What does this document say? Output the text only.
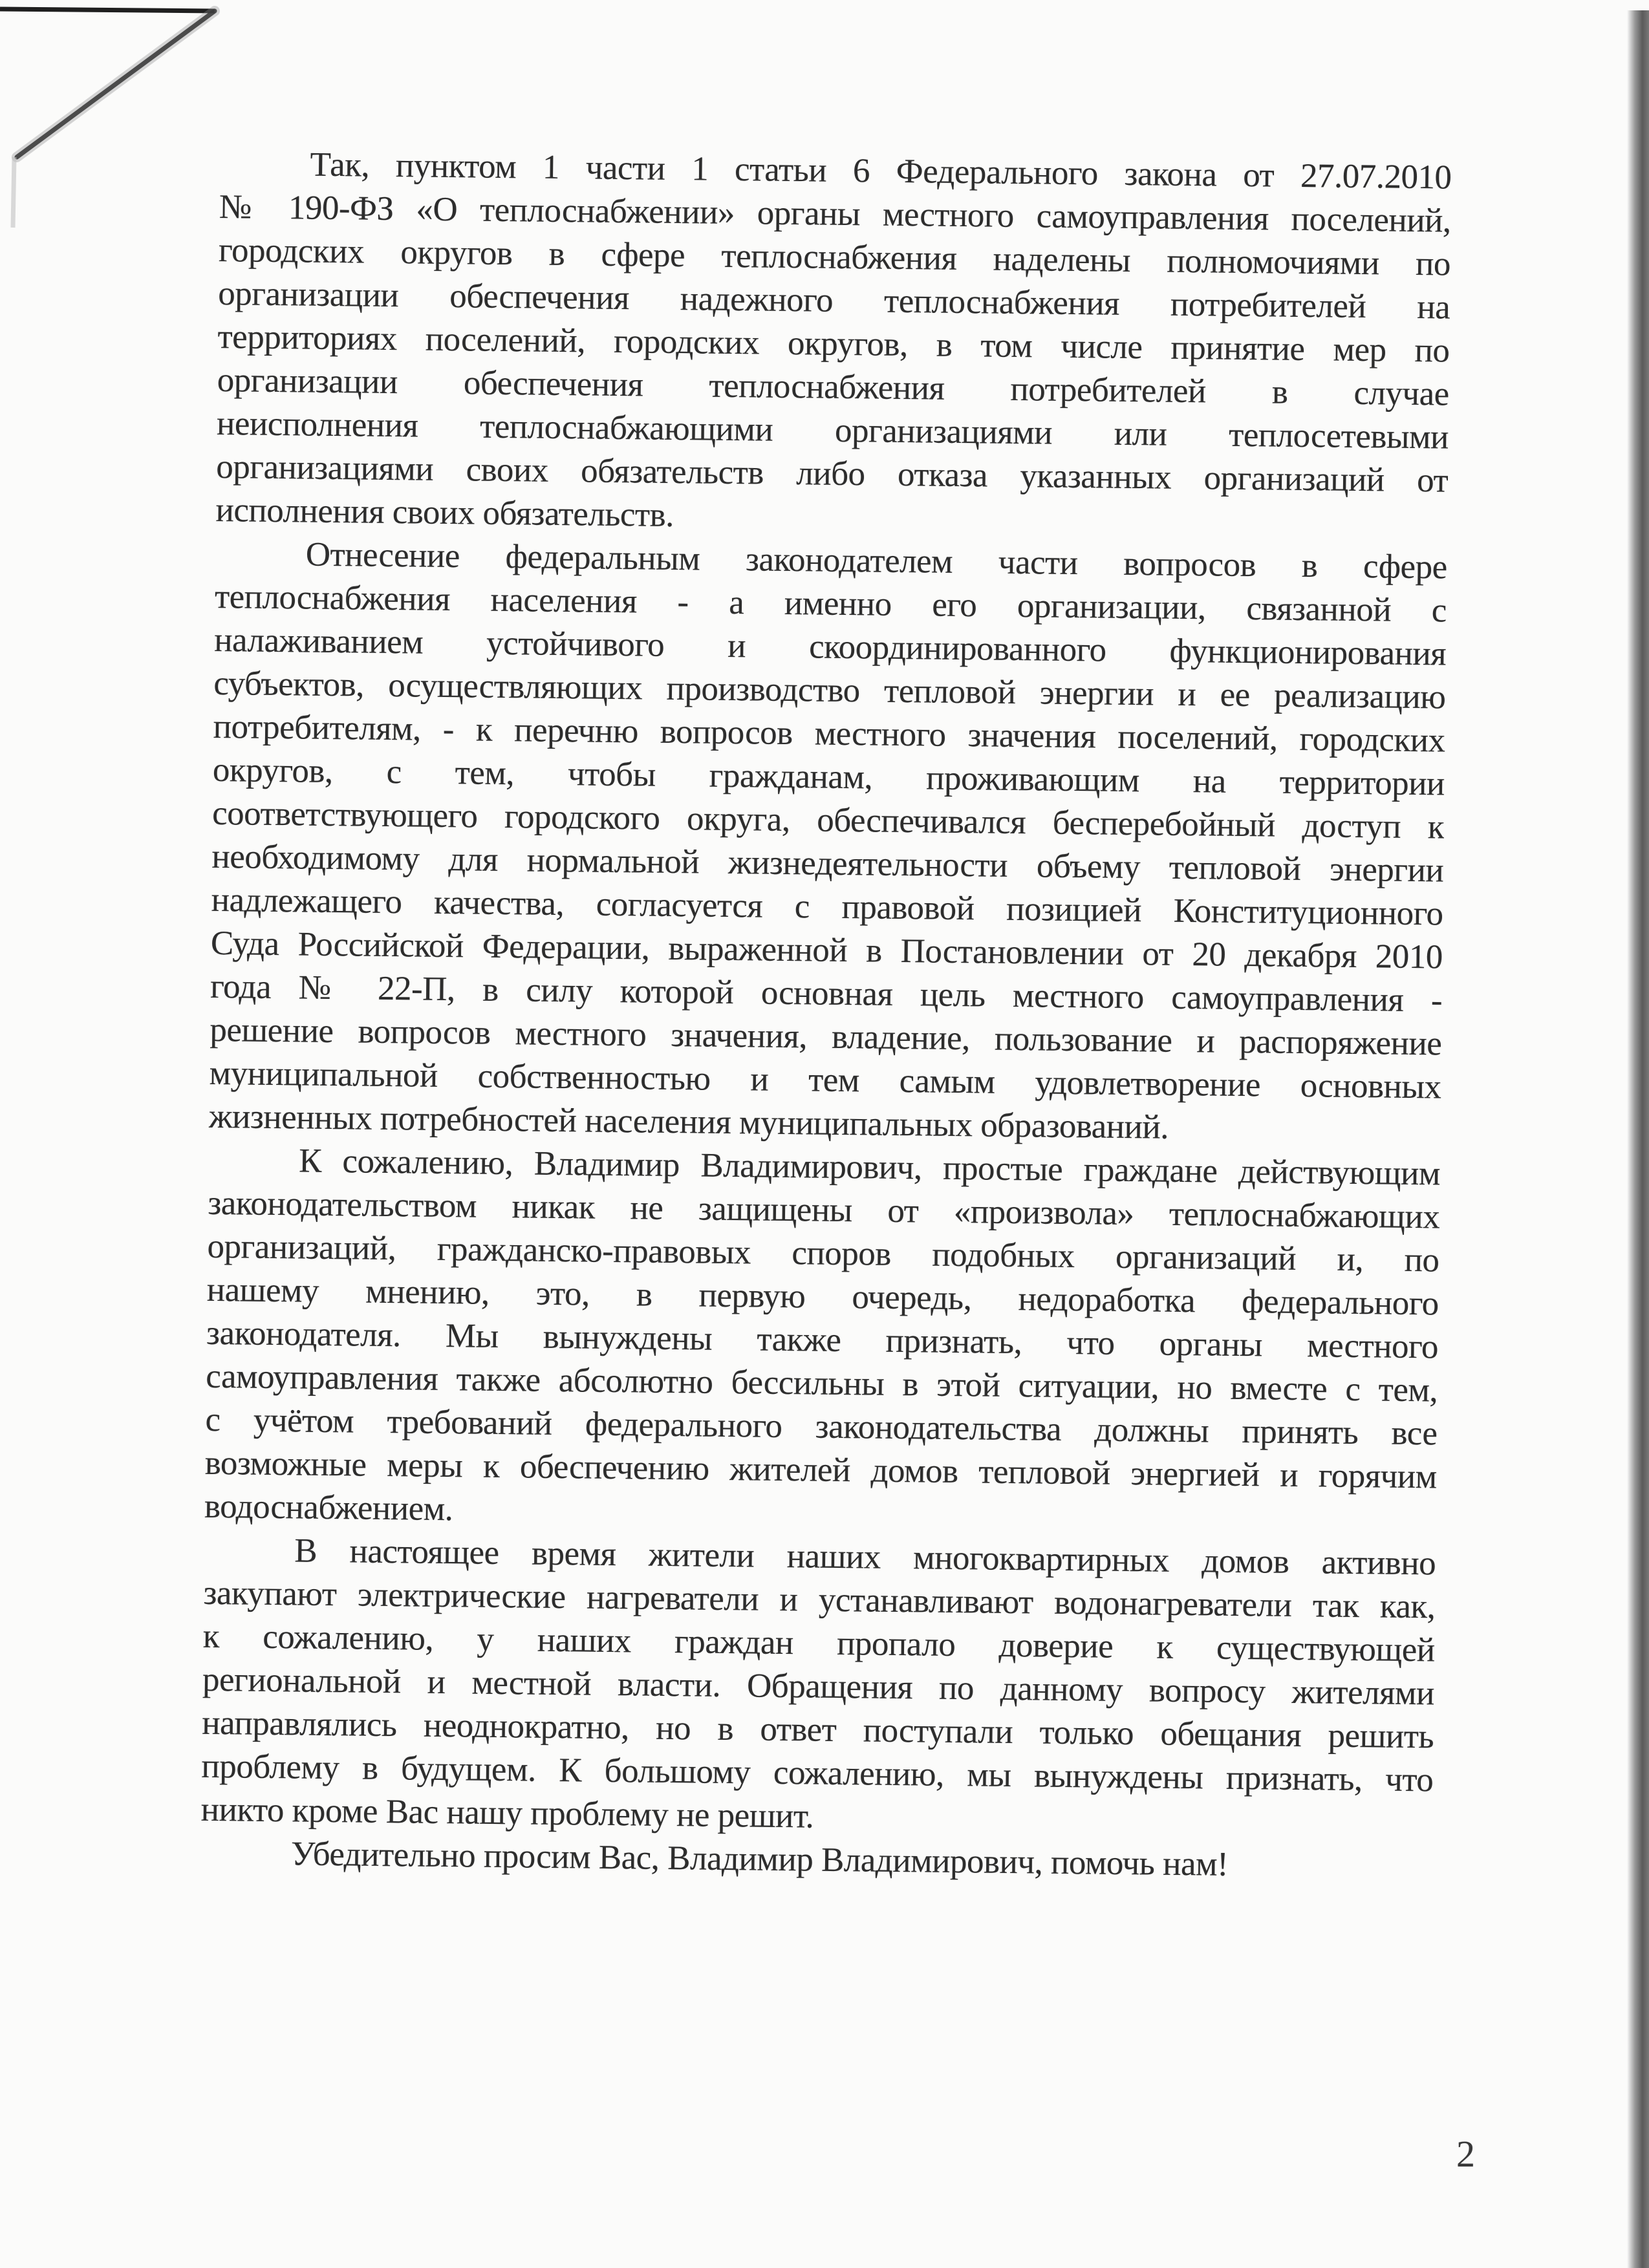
Так, пунктом 1 части 1 статьи 6 Федерального закона от 27.07.2010
№ 190-ФЗ «О теплоснабжении» органы местного самоуправления поселений,
городских округов в сфере теплоснабжения наделены полномочиями по
организации обеспечения надежного теплоснабжения потребителей на
территориях поселений, городских округов, в том числе принятие мер по
организации обеспечения теплоснабжения потребителей в случае
неисполнения теплоснабжающими организациями или теплосетевыми
организациями своих обязательств либо отказа указанных организаций от
исполнения своих обязательств.
Отнесение федеральным законодателем части вопросов в сфере
теплоснабжения населения - а именно его организации, связанной с
налаживанием устойчивого и скоординированного функционирования
субъектов, осуществляющих производство тепловой энергии и ее реализацию
потребителям, - к перечню вопросов местного значения поселений, городских
округов, с тем, чтобы гражданам, проживающим на территории
соответствующего городского округа, обеспечивался бесперебойный доступ к
необходимому для нормальной жизнедеятельности объему тепловой энергии
надлежащего качества, согласуется с правовой позицией Конституционного
Суда Российской Федерации, выраженной в Постановлении от 20 декабря 2010
года № 22-П, в силу которой основная цель местного самоуправления -
решение вопросов местного значения, владение, пользование и распоряжение
муниципальной собственностью и тем самым удовлетворение основных
жизненных потребностей населения муниципальных образований.
К сожалению, Владимир Владимирович, простые граждане действующим
законодательством никак не защищены от «произвола» теплоснабжающих
организаций, гражданско-правовых споров подобных организаций и, по
нашему мнению, это, в первую очередь, недоработка федерального
законодателя. Мы вынуждены также признать, что органы местного
самоуправления также абсолютно бессильны в этой ситуации, но вместе с тем,
с учётом требований федерального законодательства должны принять все
возможные меры к обеспечению жителей домов тепловой энергией и горячим
водоснабжением.
В настоящее время жители наших многоквартирных домов активно
закупают электрические нагреватели и устанавливают водонагреватели так как,
к сожалению, у наших граждан пропало доверие к существующей
региональной и местной власти. Обращения по данному вопросу жителями
направлялись неоднократно, но в ответ поступали только обещания решить
проблему в будущем. К большому сожалению, мы вынуждены признать, что
никто кроме Вас нашу проблему не решит.
Убедительно просим Вас, Владимир Владимирович, помочь нам!
2
